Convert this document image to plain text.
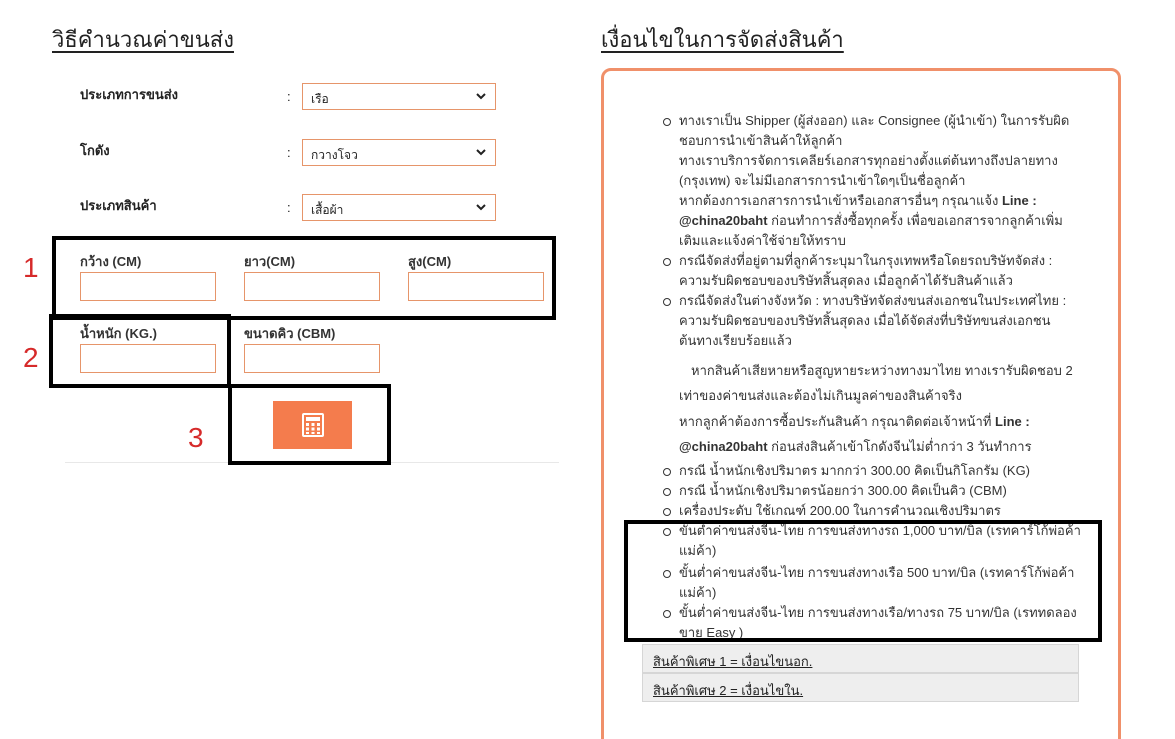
วิธีคำนวณค่าขนส่ง
ประเภทการขนส่ง	:	เรือ
โกดัง	:	กวางโจว
ประเภทสินค้า	:	เสื้อผ้า
กว้าง (CM)	ยาว(CM)	สูง(CM)
น้ำหนัก (KG.)	ขนาดคิว (CBM)
1
2
3
เงื่อนไขในการจัดส่งสินค้า
ทางเราเป็น Shipper (ผู้ส่งออก) และ Consignee (ผู้นำเข้า) ในการรับผิดชอบการนำเข้าสินค้าให้ลูกค้า
ทางเราบริการจัดการเคลียร์เอกสารทุกอย่างตั้งแต่ต้นทางถึงปลายทาง (กรุงเทพ) จะไม่มีเอกสารการนำเข้าใดๆเป็นชื่อลูกค้า
หากต้องการเอกสารการนำเข้าหรือเอกสารอื่นๆ กรุณาแจ้ง Line : @china20baht ก่อนทำการสั่งซื้อทุกครั้ง เพื่อขอเอกสารจากลูกค้าเพิ่มเติมและแจ้งค่าใช้จ่ายให้ทราบ
กรณีจัดส่งที่อยู่ตามที่ลูกค้าระบุมาในกรุงเทพหรือโดยรถบริษัทจัดส่ง : ความรับผิดชอบของบริษัทสิ้นสุดลง เมื่อลูกค้าได้รับสินค้าแล้ว
กรณีจัดส่งในต่างจังหวัด : ทางบริษัทจัดส่งขนส่งเอกชนในประเทศไทย : ความรับผิดชอบของบริษัทสิ้นสุดลง เมื่อได้จัดส่งที่บริษัทขนส่งเอกชนต้นทางเรียบร้อยแล้ว
หากสินค้าเสียหายหรือสูญหายระหว่างทางมาไทย ทางเรารับผิดชอบ 2
เท่าของค่าขนส่งและต้องไม่เกินมูลค่าของสินค้าจริง
หากลูกค้าต้องการซื้อประกันสินค้า กรุณาติดต่อเจ้าหน้าที่ Line :
@china20baht ก่อนส่งสินค้าเข้าโกดังจีนไม่ต่ำกว่า 3 วันทำการ
กรณี น้ำหนักเชิงปริมาตร มากกว่า 300.00 คิดเป็นกิโลกรัม (KG)
กรณี น้ำหนักเชิงปริมาตรน้อยกว่า 300.00 คิดเป็นคิว (CBM)
เครื่องประดับ ใช้เกณฑ์ 200.00 ในการคำนวณเชิงปริมาตร
ขั้นต่ำค่าขนส่งจีน-ไทย การขนส่งทางรถ 1,000 บาท/บิล (เรทคาร์โก้พ่อค้าแม่ค้า)
ขั้นต่ำค่าขนส่งจีน-ไทย การขนส่งทางเรือ 500 บาท/บิล (เรทคาร์โก้พ่อค้าแม่ค้า)
ขั้นต่ำค่าขนส่งจีน-ไทย การขนส่งทางเรือ/ทางรถ 75 บาท/บิล (เรททดลองขาย Easy )
สินค้าพิเศษ 1 = เงื่อนไขนอก.
สินค้าพิเศษ 2 = เงื่อนไขใน.
